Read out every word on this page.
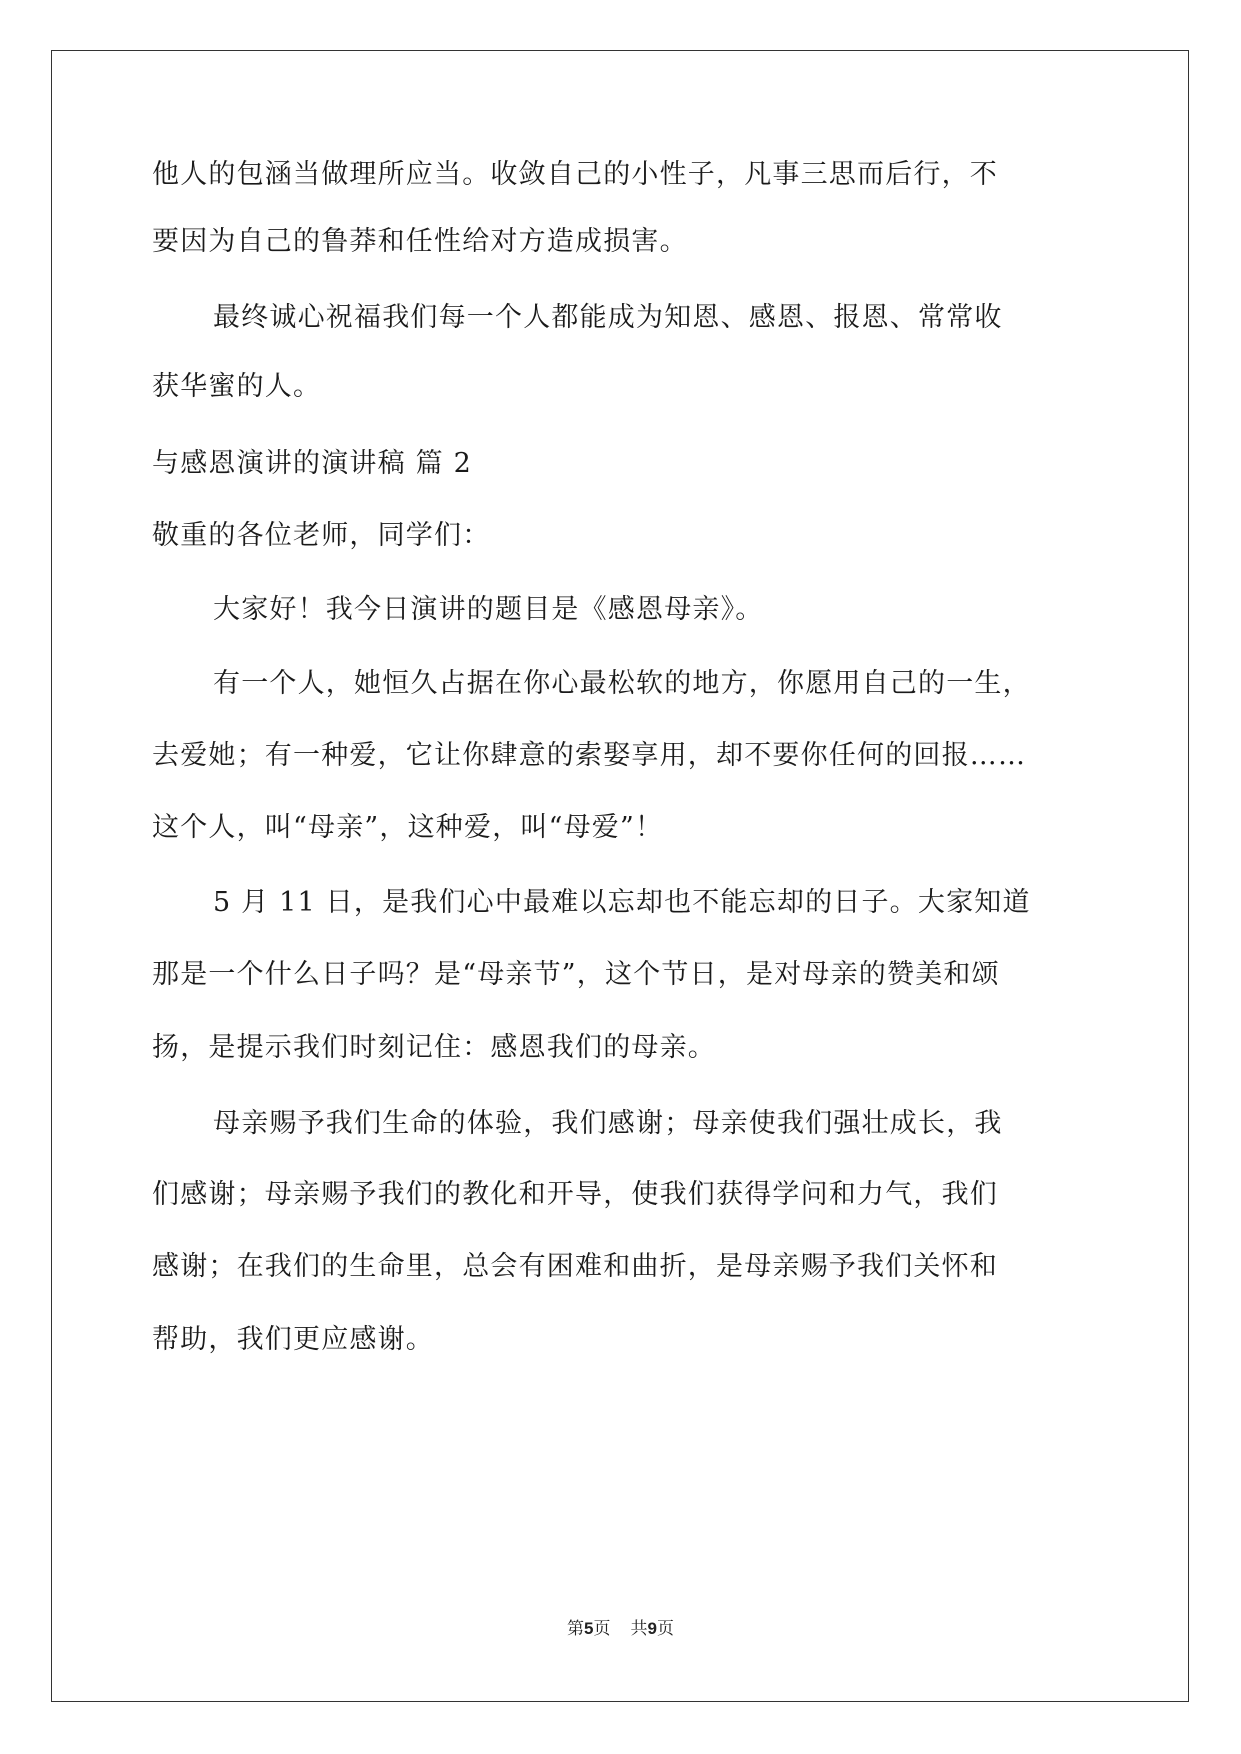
他人的包涵当做理所应当。收敛自己的小性子，凡事三思而后行，不
要因为自己的鲁莽和任性给对方造成损害。
最终诚心祝福我们每一个人都能成为知恩、感恩、报恩、常常收
获华蜜的人。
与感恩演讲的演讲稿 篇 2
敬重的各位老师，同学们：
大家好！我今日演讲的题目是《感恩母亲》。
有一个人，她恒久占据在你心最松软的地方，你愿用自己的一生，
去爱她；有一种爱，它让你肆意的索娶享用，却不要你任何的回报……
这个人，叫“母亲”，这种爱，叫“母爱”！
5 月 11 日，是我们心中最难以忘却也不能忘却的日子。大家知道
那是一个什么日子吗？是“母亲节”，这个节日，是对母亲的赞美和颂
扬，是提示我们时刻记住：感恩我们的母亲。
母亲赐予我们生命的体验，我们感谢；母亲使我们强壮成长，我
们感谢；母亲赐予我们的教化和开导，使我们获得学问和力气，我们
感谢；在我们的生命里，总会有困难和曲折，是母亲赐予我们关怀和
帮助，我们更应感谢。
第5页 共9页
